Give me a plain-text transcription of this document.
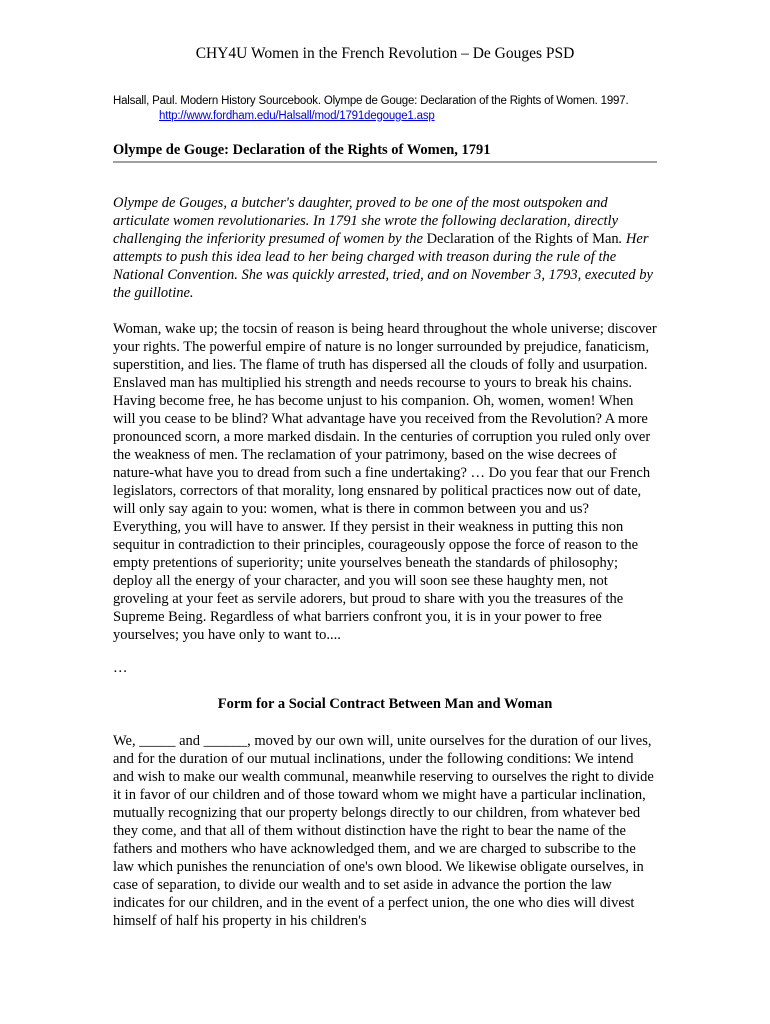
CHY4U Women in the French Revolution – De Gouges PSD
Halsall, Paul. Modern History Sourcebook. Olympe de Gouge: Declaration of the Rights of Women. 1997.
http://www.fordham.edu/Halsall/mod/1791degouge1.asp
Olympe de Gouge: Declaration of the Rights of Women, 1791

Olympe de Gouges, a butcher's daughter, proved to be one of the most outspoken and articulate women revolutionaries. In 1791 she wrote the following declaration, directly challenging the inferiority presumed of women by the Declaration of the Rights of Man. Her attempts to push this idea lead to her being charged with treason during the rule of the National Convention. She was quickly arrested, tried, and on November 3, 1793, executed by the guillotine.

Woman, wake up; the tocsin of reason is being heard throughout the whole universe; discover your rights. The powerful empire of nature is no longer surrounded by prejudice, fanaticism, superstition, and lies. The flame of truth has dispersed all the clouds of folly and usurpation. Enslaved man has multiplied his strength and needs recourse to yours to break his chains. Having become free, he has become unjust to his companion. Oh, women, women! When will you cease to be blind? What advantage have you received from the Revolution? A more pronounced scorn, a more marked disdain. In the centuries of corruption you ruled only over the weakness of men. The reclamation of your patrimony, based on the wise decrees of nature-what have you to dread from such a fine undertaking? … Do you fear that our French legislators, correctors of that morality, long ensnared by political practices now out of date, will only say again to you: women, what is there in common between you and us? Everything, you will have to answer. If they persist in their weakness in putting this non sequitur in contradiction to their principles, courageously oppose the force of reason to the empty pretentions of superiority; unite yourselves beneath the standards of philosophy; deploy all the energy of your character, and you will soon see these haughty men, not groveling at your feet as servile adorers, but proud to share with you the treasures of the Supreme Being. Regardless of what barriers confront you, it is in your power to free yourselves; you have only to want to....

…
Form for a Social Contract Between Man and Woman

We, _____ and ______, moved by our own will, unite ourselves for the duration of our lives, and for the duration of our mutual inclinations, under the following conditions: We intend and wish to make our wealth communal, meanwhile reserving to ourselves the right to divide it in favor of our children and of those toward whom we might have a particular inclination, mutually recognizing that our property belongs directly to our children, from whatever bed they come, and that all of them without distinction have the right to bear the name of the fathers and mothers who have acknowledged them, and we are charged to subscribe to the law which punishes the renunciation of one's own blood. We likewise obligate ourselves, in case of separation, to divide our wealth and to set aside in advance the portion the law indicates for our children, and in the event of a perfect union, the one who dies will divest himself of half his property in his children's
